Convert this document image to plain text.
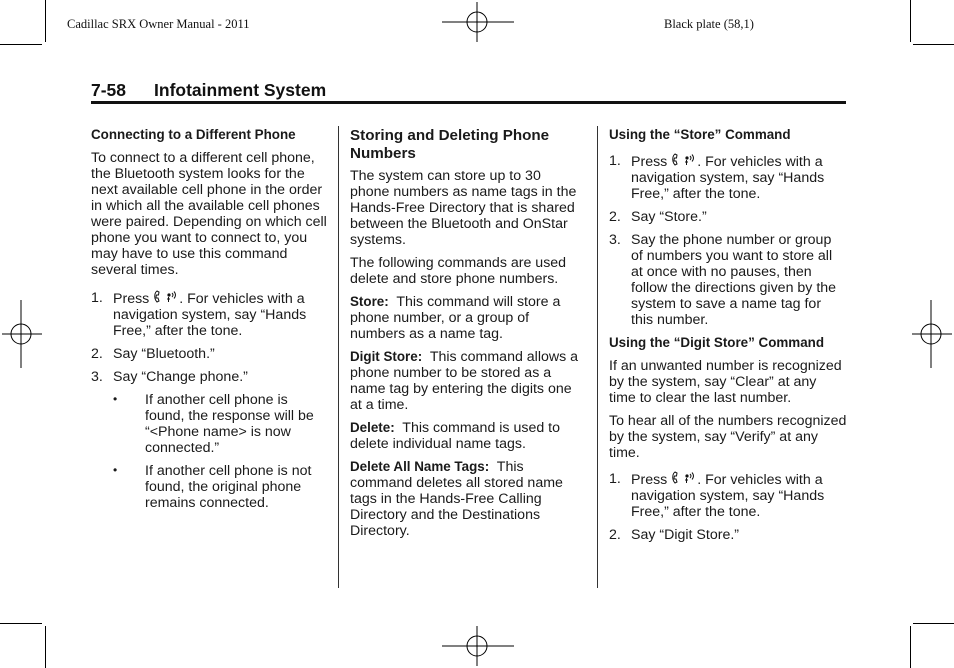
Cadillac SRX Owner Manual - 2011	Black plate (58,1)
7-58 Infotainment System
Connecting to a Different Phone

To connect to a different cell phone, the Bluetooth system looks for the next available cell phone in the order in which all the available cell phones were paired. Depending on which cell phone you want to connect to, you may have to use this command several times.

1. Press . For vehicles with a navigation system, say “Hands Free,” after the tone.
2. Say “Bluetooth.”
3. Say “Change phone.”
• If another cell phone is found, the response will be “<Phone name> is now connected.”
• If another cell phone is not found, the original phone remains connected.
Storing and Deleting Phone Numbers

The system can store up to 30 phone numbers as name tags in the Hands-Free Directory that is shared between the Bluetooth and OnStar systems.

The following commands are used delete and store phone numbers.

Store: This command will store a phone number, or a group of numbers as a name tag.

Digit Store: This command allows a phone number to be stored as a name tag by entering the digits one at a time.

Delete: This command is used to delete individual name tags.

Delete All Name Tags: This command deletes all stored name tags in the Hands-Free Calling Directory and the Destinations Directory.

Using the “Store” Command
1. Press . For vehicles with a navigation system, say “Hands Free,” after the tone.
2. Say “Store.”
3. Say the phone number or group of numbers you want to store all at once with no pauses, then follow the directions given by the system to save a name tag for this number.
Using the “Digit Store” Command

If an unwanted number is recognized by the system, say “Clear” at any time to clear the last number.

To hear all of the numbers recognized by the system, say “Verify” at any time.

1. Press . For vehicles with a navigation system, say “Hands Free,” after the tone.
2. Say “Digit Store.”
